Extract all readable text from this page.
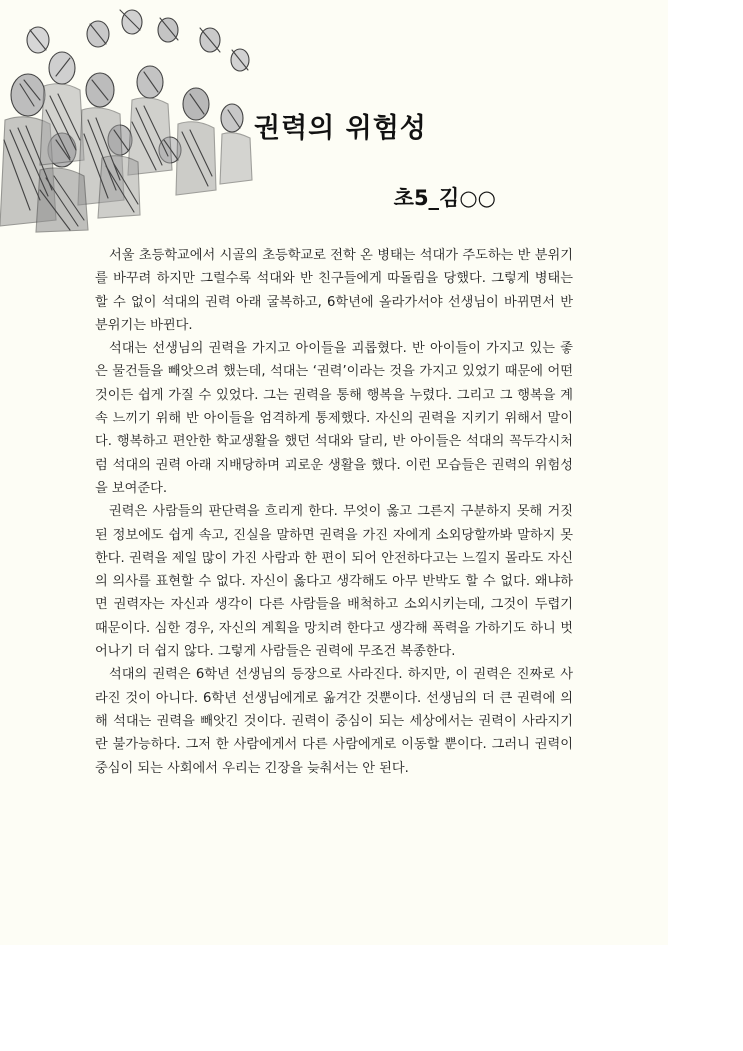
권력의 위험성
초5_김○○

서울 초등학교에서 시골의 초등학교로 전학 온 병태는 석대가 주도하는 반 분위기를 바꾸려 하지만 그럴수록 석대와 반 친구들에게 따돌림을 당했다. 그렇게 병태는 할 수 없이 석대의 권력 아래 굴복하고, 6학년에 올라가서야 선생님이 바뀌면서 반 분위기는 바뀐다.

석대는 선생님의 권력을 가지고 아이들을 괴롭혔다. 반 아이들이 가지고 있는 좋은 물건들을 빼앗으려 했는데, 석대는 ‘권력’이라는 것을 가지고 있었기 때문에 어떤 것이든 쉽게 가질 수 있었다. 그는 권력을 통해 행복을 누렸다. 그리고 그 행복을 계속 느끼기 위해 반 아이들을 엄격하게 통제했다. 자신의 권력을 지키기 위해서 말이다. 행복하고 편안한 학교생활을 했던 석대와 달리, 반 아이들은 석대의 꼭두각시처럼 석대의 권력 아래 지배당하며 괴로운 생활을 했다. 이런 모습들은 권력의 위험성을 보여준다.

권력은 사람들의 판단력을 흐리게 한다. 무엇이 옳고 그른지 구분하지 못해 거짓된 정보에도 쉽게 속고, 진실을 말하면 권력을 가진 자에게 소외당할까봐 말하지 못한다. 권력을 제일 많이 가진 사람과 한 편이 되어 안전하다고는 느낄지 몰라도 자신의 의사를 표현할 수 없다. 자신이 옳다고 생각해도 아무 반박도 할 수 없다. 왜냐하면 권력자는 자신과 생각이 다른 사람들을 배척하고 소외시키는데, 그것이 두렵기 때문이다. 심한 경우, 자신의 계획을 망치려 한다고 생각해 폭력을 가하기도 하니 벗어나기 더 쉽지 않다. 그렇게 사람들은 권력에 무조건 복종한다.

석대의 권력은 6학년 선생님의 등장으로 사라진다. 하지만, 이 권력은 진짜로 사라진 것이 아니다. 6학년 선생님에게로 옮겨간 것뿐이다. 선생님의 더 큰 권력에 의해 석대는 권력을 빼앗긴 것이다. 권력이 중심이 되는 세상에서는 권력이 사라지기란 불가능하다. 그저 한 사람에게서 다른 사람에게로 이동할 뿐이다. 그러니 권력이 중심이 되는 사회에서 우리는 긴장을 늦춰서는 안 된다.
